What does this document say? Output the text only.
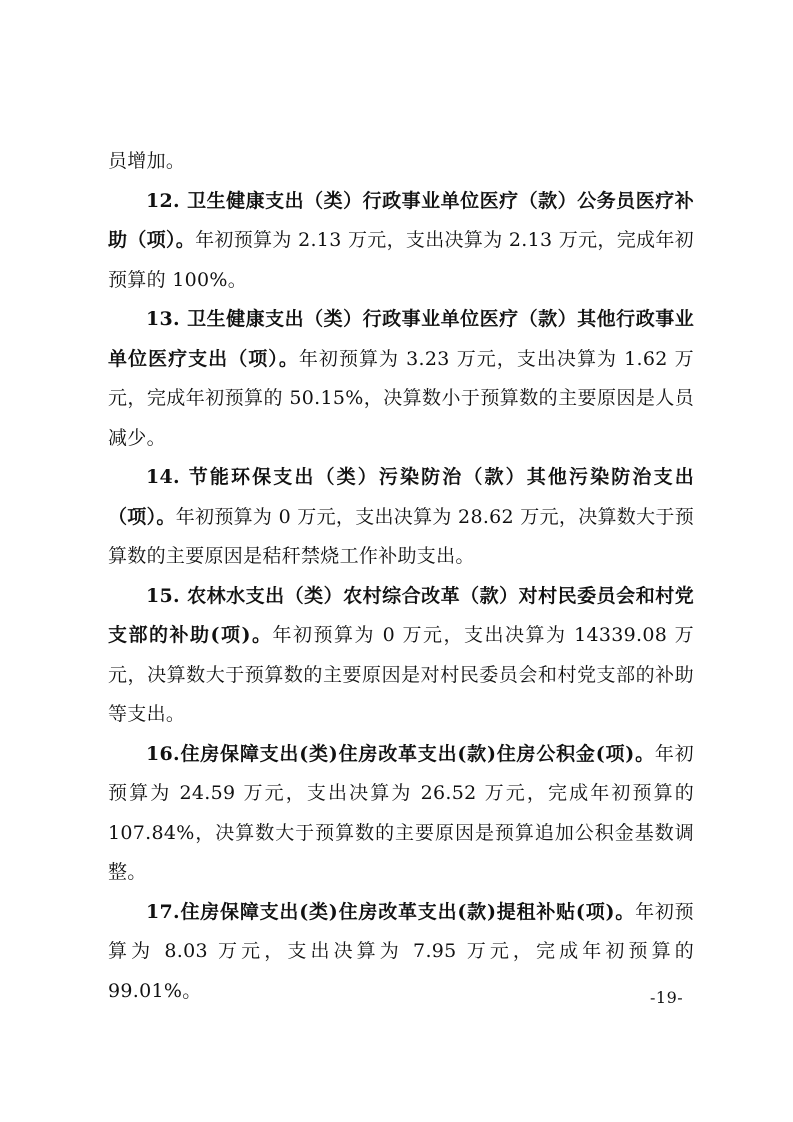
员增加。

12. 卫生健康支出（类）行政事业单位医疗（款）公务员医疗补助（项）。年初预算为 2.13 万元，支出决算为 2.13 万元，完成年初预算的 100%。

13. 卫生健康支出（类）行政事业单位医疗（款）其他行政事业单位医疗支出（项）。年初预算为 3.23 万元，支出决算为 1.62 万元，完成年初预算的 50.15%，决算数小于预算数的主要原因是人员减少。

14. 节能环保支出（类）污染防治（款）其他污染防治支出（项）。年初预算为 0 万元，支出决算为 28.62 万元，决算数大于预算数的主要原因是秸秆禁烧工作补助支出。

15. 农林水支出（类）农村综合改革（款）对村民委员会和村党支部的补助(项)。年初预算为 0 万元，支出决算为 14339.08 万元，决算数大于预算数的主要原因是对村民委员会和村党支部的补助等支出。

16.住房保障支出(类)住房改革支出(款)住房公积金(项)。年初预算为 24.59 万元，支出决算为 26.52 万元，完成年初预算的 107.84%，决算数大于预算数的主要原因是预算追加公积金基数调整。

17.住房保障支出(类)住房改革支出(款)提租补贴(项)。年初预算为 8.03 万元，支出决算为 7.95 万元，完成年初预算的 99.01%。	-19-
